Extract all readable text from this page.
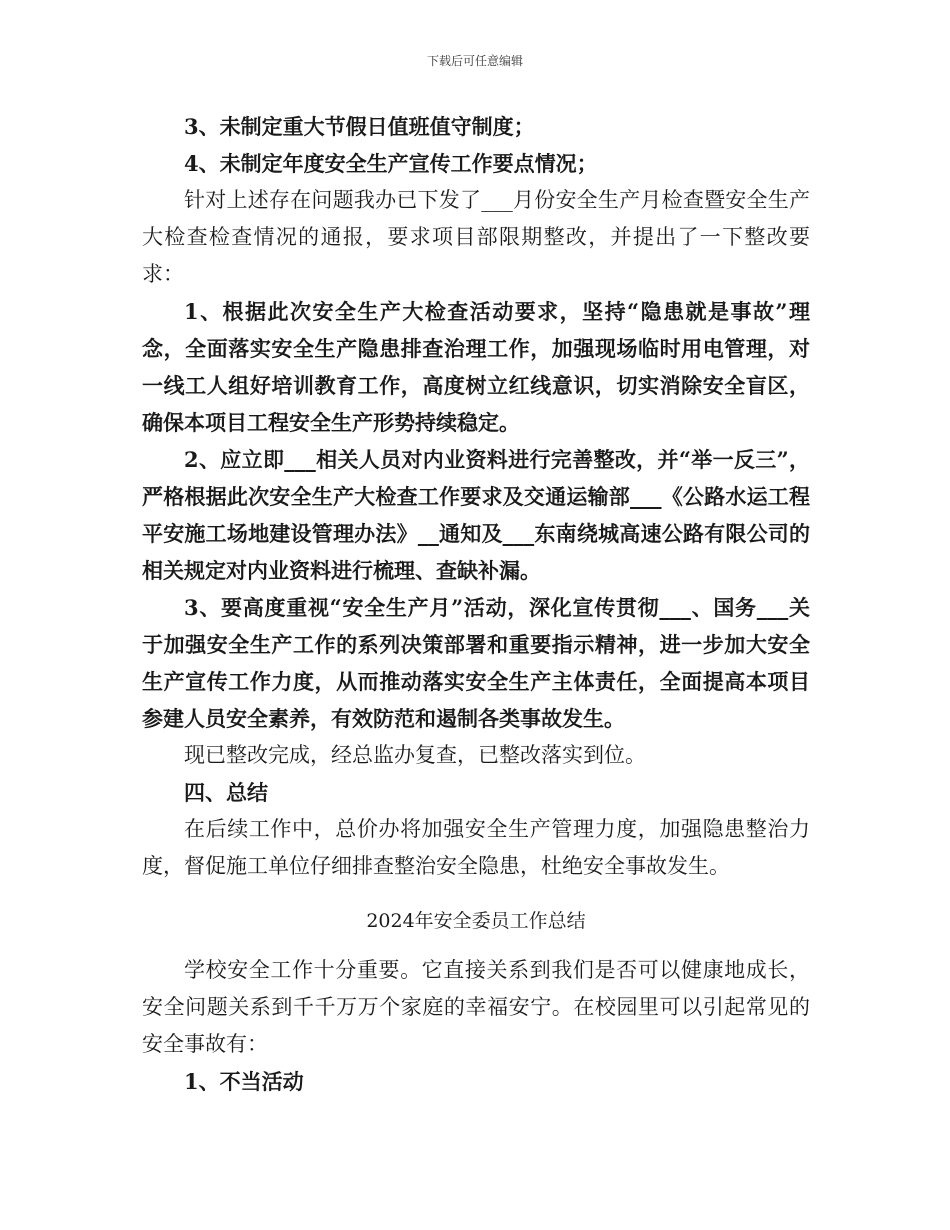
下载后可任意编辑

3、未制定重大节假日值班值守制度；

4、未制定年度安全生产宣传工作要点情况；

针对上述存在问题我办已下发了___月份安全生产月检查暨安全生产大检查检查情况的通报，要求项目部限期整改，并提出了一下整改要求：

1、根据此次安全生产大检查活动要求，坚持“隐患就是事故”理念，全面落实安全生产隐患排查治理工作，加强现场临时用电管理，对一线工人组好培训教育工作，高度树立红线意识，切实消除安全盲区，确保本项目工程安全生产形势持续稳定。

2、应立即___相关人员对内业资料进行完善整改，并“举一反三”，严格根据此次安全生产大检查工作要求及交通运输部___《公路水运工程平安施工场地建设管理办法》__通知及___东南绕城高速公路有限公司的相关规定对内业资料进行梳理、查缺补漏。

3、要高度重视“安全生产月”活动，深化宣传贯彻___、国务___关于加强安全生产工作的系列决策部署和重要指示精神，进一步加大安全生产宣传工作力度，从而推动落实安全生产主体责任，全面提高本项目参建人员安全素养，有效防范和遏制各类事故发生。

现已整改完成，经总监办复查，已整改落实到位。

四、总结

在后续工作中，总价办将加强安全生产管理力度，加强隐患整治力度，督促施工单位仔细排查整治安全隐患，杜绝安全事故发生。

2024年安全委员工作总结

学校安全工作十分重要。它直接关系到我们是否可以健康地成长，安全问题关系到千千万万个家庭的幸福安宁。在校园里可以引起常见的安全事故有：

1、不当活动
